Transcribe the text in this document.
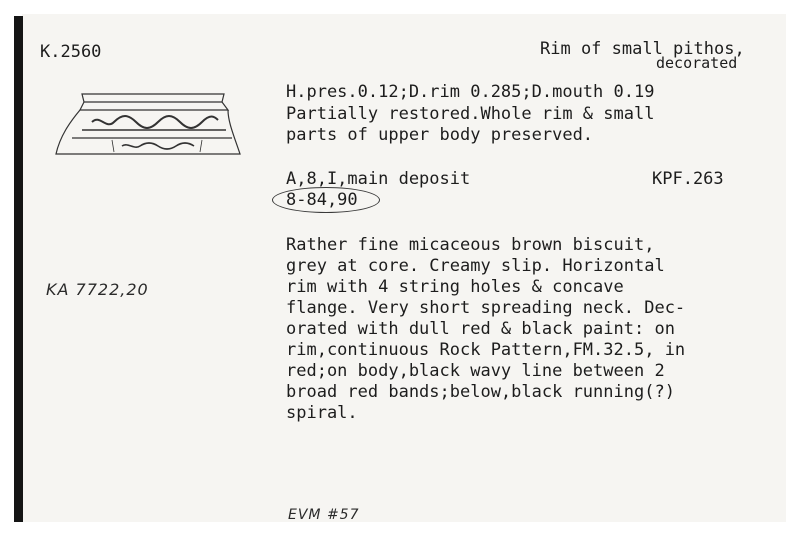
K.2560	Rim of small pithos,
decorated
H.pres.0.12;D.rim 0.285;D.mouth 0.19
Partially restored.Whole rim & small
parts of upper body preserved.
A,8,I,main deposit	KPF.263
8-84,90
KA 7722,20
Rather fine micaceous brown biscuit,
grey at core. Creamy slip. Horizontal
rim with 4 string holes & concave
flange. Very short spreading neck. Dec-
orated with dull red & black paint: on
rim,continuous Rock Pattern,FM.32.5, in
red;on body,black wavy line between 2
broad red bands;below,black running(?)
spiral.
EVM #57
